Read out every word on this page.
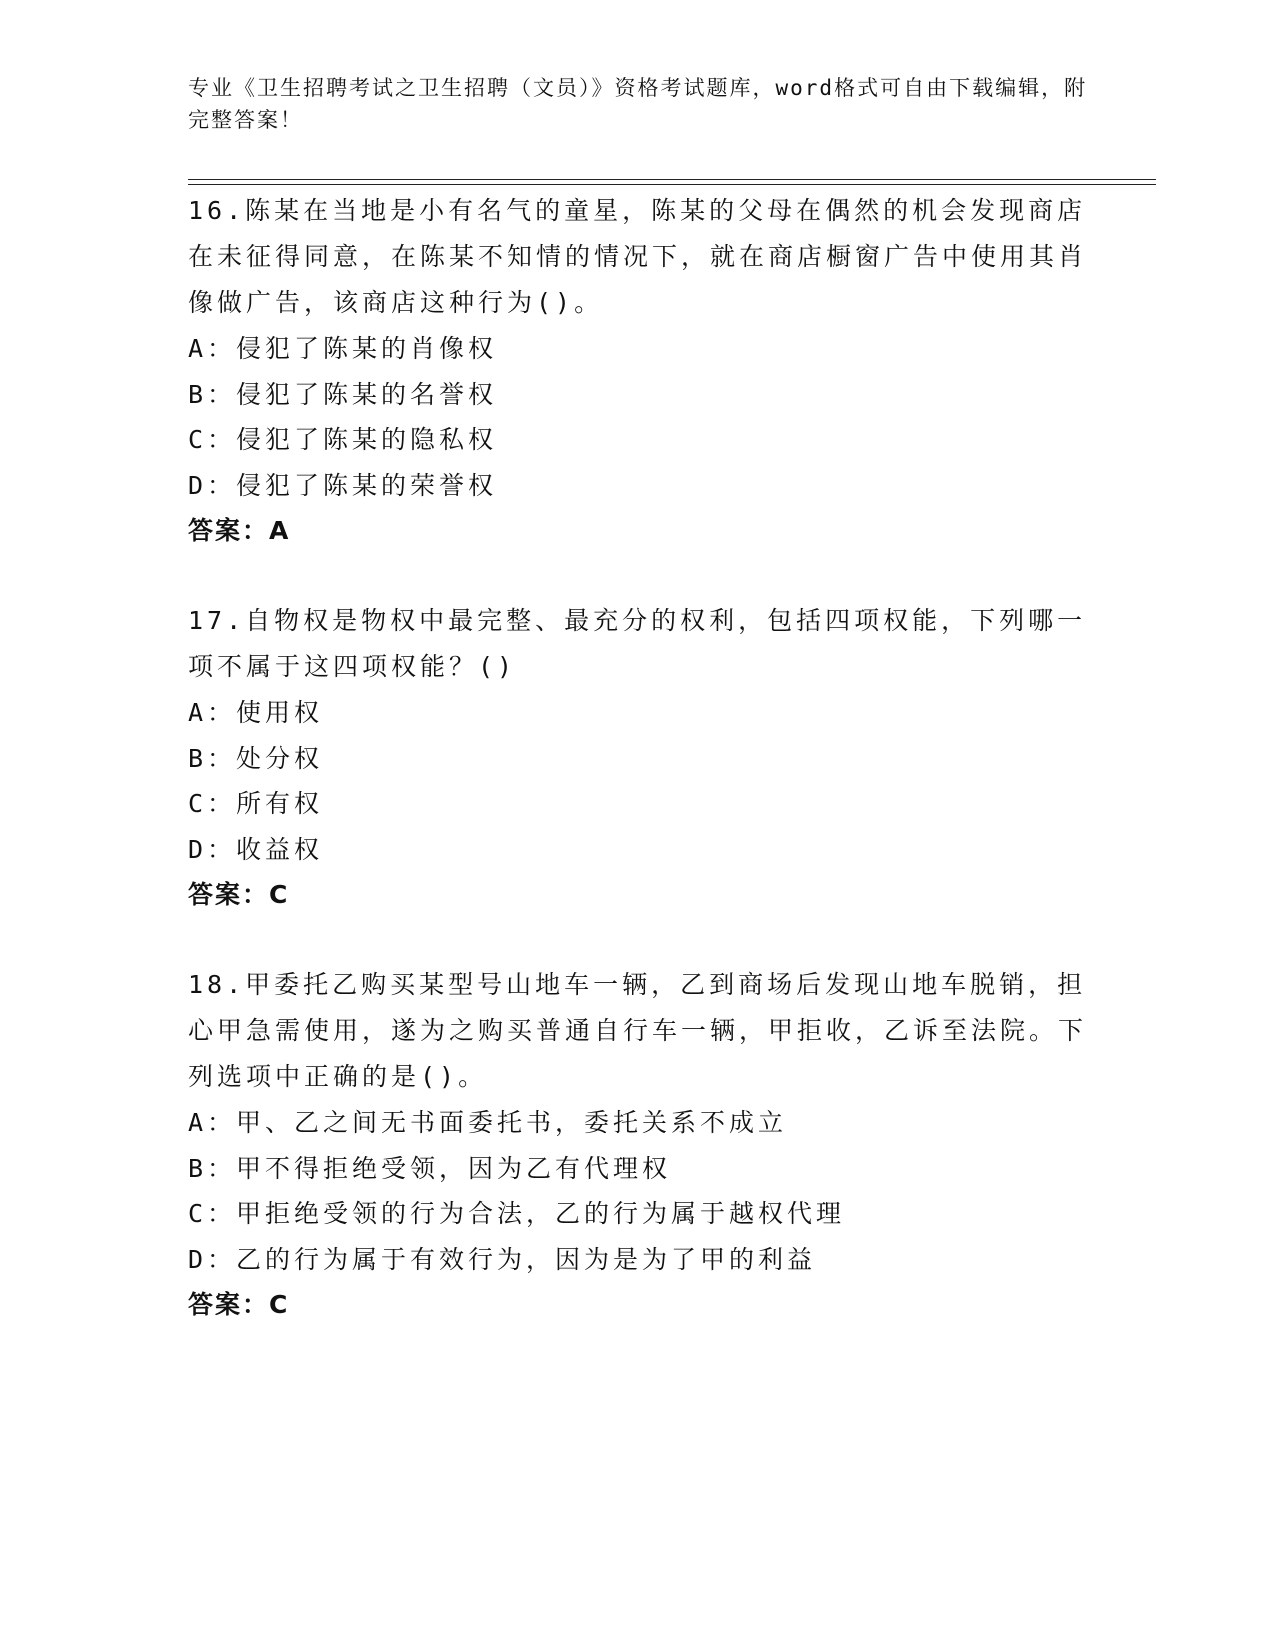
专业《卫生招聘考试之卫生招聘（文员）》资格考试题库，word格式可自由下载编辑，附完整答案！
16.陈某在当地是小有名气的童星，陈某的父母在偶然的机会发现商店在未征得同意，在陈某不知情的情况下，就在商店橱窗广告中使用其肖像做广告，该商店这种行为()。
A：侵犯了陈某的肖像权
B：侵犯了陈某的名誉权
C：侵犯了陈某的隐私权
D：侵犯了陈某的荣誉权
答案：A
17.自物权是物权中最完整、最充分的权利，包括四项权能，下列哪一项不属于这四项权能？()
A：使用权
B：处分权
C：所有权
D：收益权
答案：C
18.甲委托乙购买某型号山地车一辆，乙到商场后发现山地车脱销，担心甲急需使用，遂为之购买普通自行车一辆，甲拒收，乙诉至法院。下列选项中正确的是()。
A：甲、乙之间无书面委托书，委托关系不成立
B：甲不得拒绝受领，因为乙有代理权
C：甲拒绝受领的行为合法，乙的行为属于越权代理
D：乙的行为属于有效行为，因为是为了甲的利益
答案：C
